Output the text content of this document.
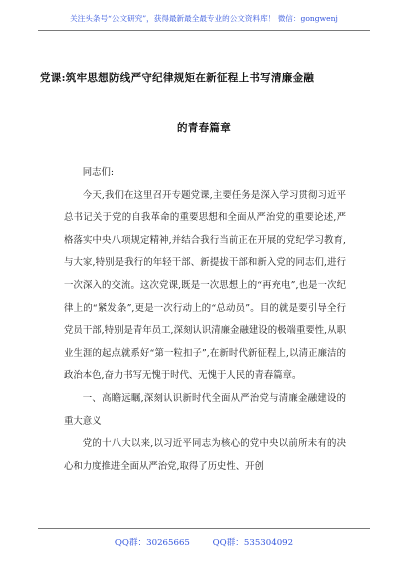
关注头条号“公文研究”，获得最新最全最专业的公文资料库！ 微信：gongwenj
党课:筑牢思想防线严守纪律规矩在新征程上书写清廉金融
的青春篇章

同志们:

今天,我们在这里召开专题党课,主要任务是深入学习贯彻习近平总书记关于党的自我革命的重要思想和全面从严治党的重要论述,严格落实中央八项规定精神,并结合我行当前正在开展的党纪学习教育,与大家,特别是我行的年轻干部、新提拔干部和新入党的同志们,进行一次深入的交流。这次党课,既是一次思想上的“再充电”,也是一次纪律上的“紧发条”,更是一次行动上的“总动员”。目的就是要引导全行党员干部,特别是青年员工,深刻认识清廉金融建设的极端重要性,从职业生涯的起点就系好“第一粒扣子”,在新时代新征程上,以清正廉洁的政治本色,奋力书写无愧于时代、无愧于人民的青春篇章。

一、高瞻远瞩,深刻认识新时代全面从严治党与清廉金融建设的重大意义

党的十八大以来,以习近平同志为核心的党中央以前所未有的决心和力度推进全面从严治党,取得了历史性、开创

QQ群：30265665	QQ群：535304092
